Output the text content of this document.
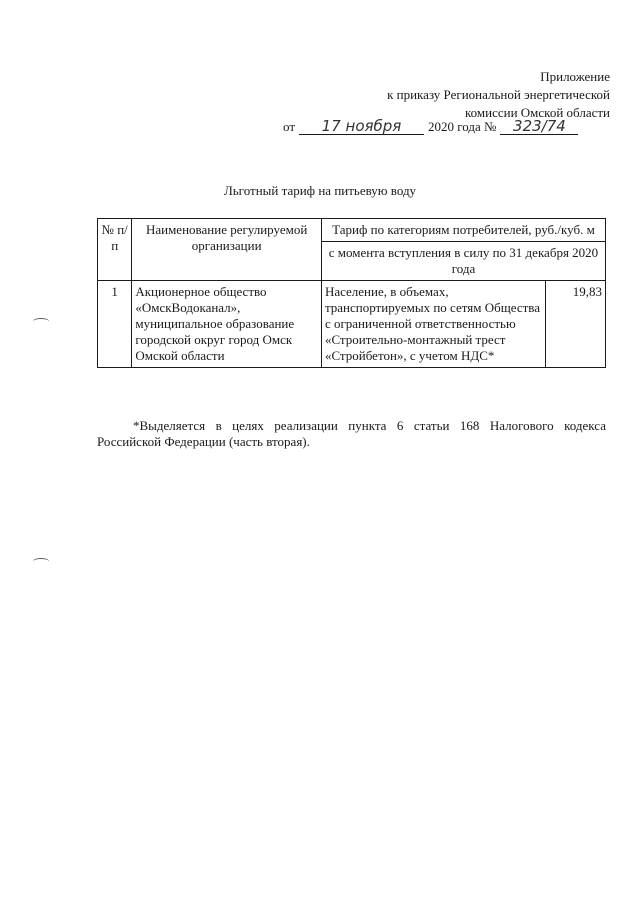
Приложение
к приказу Региональной энергетической
комиссии Омской области
от 17 ноября 2020 года № 323/74
Льготный тариф на питьевую воду
№ п/п	Наименование регулируемой организации	Тариф по категориям потребителей, руб./куб. м	
		с момента вступления в силу по 31 декабря 2020 года	
1	Акционерное общество «ОмскВодоканал», муниципальное образование городской округ город Омск Омской области	Население, в объемах, транспортируемых по сетям Общества с ограниченной ответственностью «Строительно-монтажный трест «Стройбетон», с учетом НДС*	19,83
*Выделяется в целях реализации пункта 6 статьи 168 Налогового кодекса Российской Федерации (часть вторая).
